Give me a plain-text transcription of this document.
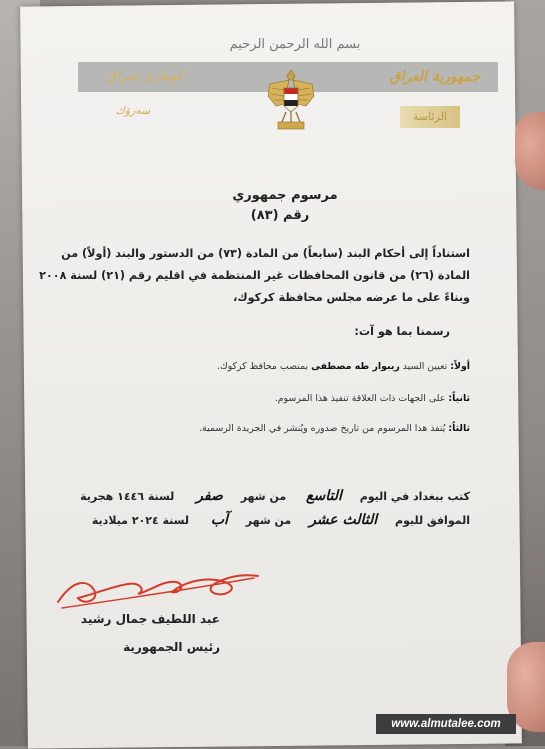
بسم الله الرحمن الرحيم
كومارى عيراق	جمهورية العراق
سەرۆك	الرئاسة
مرسوم جمهوري
رقم (٨٣)
استناداً إلى أحكام البند (سابعاً) من المادة (٧٣) من الدستور والبند (أولاً) من
المادة (٢٦) من قانون المحافظات غير المنتظمة في اقليم رقم (٢١) لسنة ٢٠٠٨
وبناءً على ما عرضه مجلس محافظة كركوك،
رسمنا بما هو آت:
أولاً: تعيين السيد ريبوار طه مصطفى بمنصب محافظ كركوك.
ثانياً: على الجهات ذات العلاقة تنفيذ هذا المرسوم.
ثالثاً: يُنفذ هذا المرسوم من تاريخ صدوره ويُنشر في الجريدة الرسمية.
كتب ببغداد في اليوم التاسع من شهر صفر لسنة ١٤٤٦ هجرية
الموافق لليوم الثالث عشر من شهر آب لسنة ٢٠٢٤ ميلادية
عبد اللطيف جمال رشيد
رئيس الجمهورية
www.almutalee.com
